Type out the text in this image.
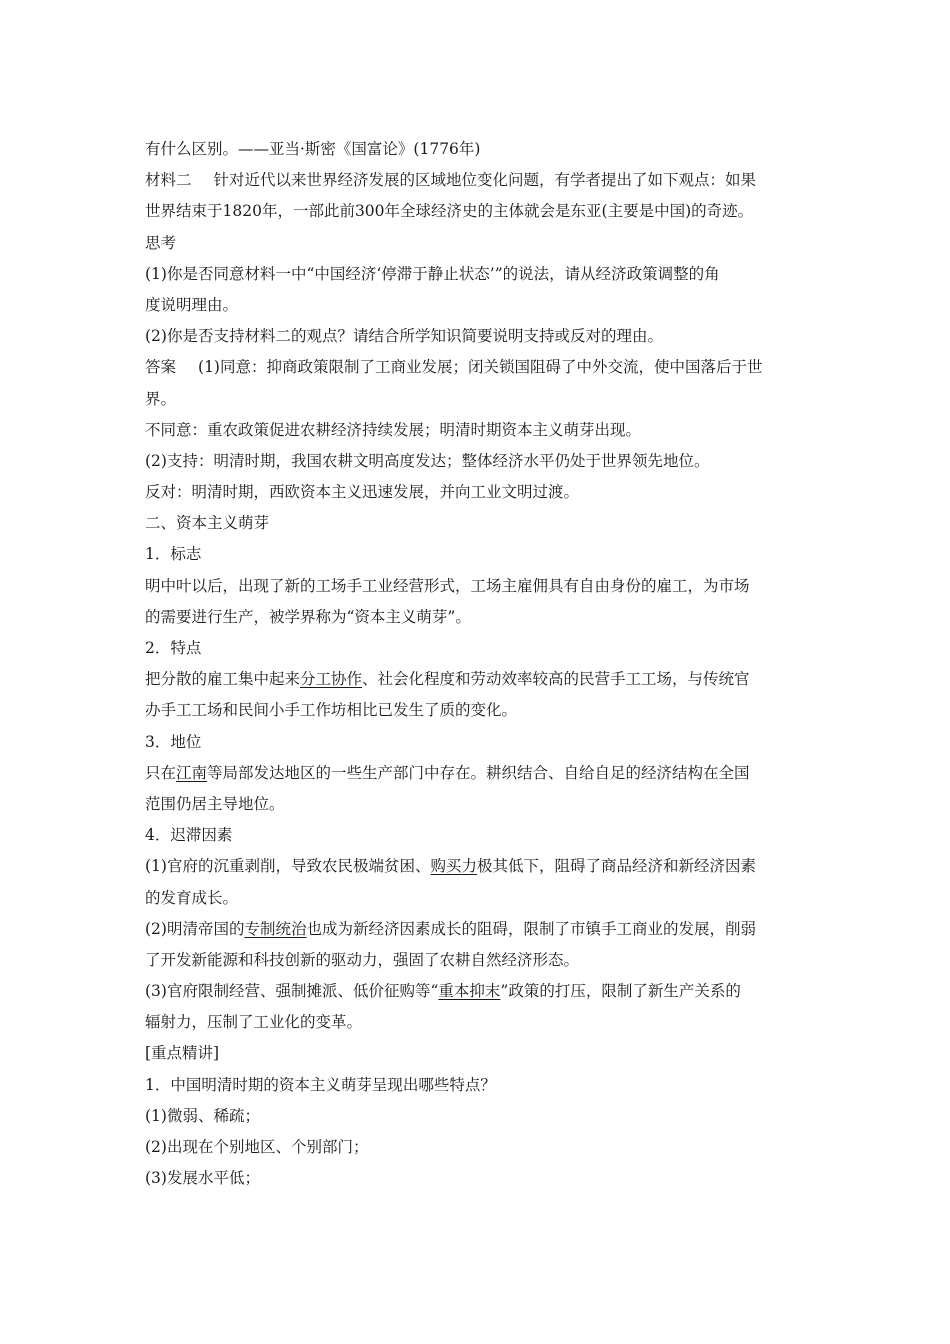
有什么区别。——亚当·斯密《国富论》(1776年)
材料二 针对近代以来世界经济发展的区域地位变化问题，有学者提出了如下观点：如果
世界结束于1820年，一部此前300年全球经济史的主体就会是东亚(主要是中国)的奇迹。
思考
(1)你是否同意材料一中“中国经济‘停滞于静止状态’”的说法，请从经济政策调整的角
度说明理由。
(2)你是否支持材料二的观点？请结合所学知识简要说明支持或反对的理由。
答案 (1)同意：抑商政策限制了工商业发展；闭关锁国阻碍了中外交流，使中国落后于世
界。
不同意：重农政策促进农耕经济持续发展；明清时期资本主义萌芽出现。
(2)支持：明清时期，我国农耕文明高度发达；整体经济水平仍处于世界领先地位。
反对：明清时期，西欧资本主义迅速发展，并向工业文明过渡。
二、资本主义萌芽
1．标志
明中叶以后，出现了新的工场手工业经营形式，工场主雇佣具有自由身份的雇工，为市场
的需要进行生产，被学界称为“资本主义萌芽”。
2．特点
把分散的雇工集中起来分工协作、社会化程度和劳动效率较高的民营手工工场，与传统官
办手工工场和民间小手工作坊相比已发生了质的变化。
3．地位
只在江南等局部发达地区的一些生产部门中存在。耕织结合、自给自足的经济结构在全国
范围仍居主导地位。
4．迟滞因素
(1)官府的沉重剥削，导致农民极端贫困、购买力极其低下，阻碍了商品经济和新经济因素
的发育成长。
(2)明清帝国的专制统治也成为新经济因素成长的阻碍，限制了市镇手工商业的发展，削弱
了开发新能源和科技创新的驱动力，强固了农耕自然经济形态。
(3)官府限制经营、强制摊派、低价征购等“重本抑末”政策的打压，限制了新生产关系的
辐射力，压制了工业化的变革。
[重点精讲]
1．中国明清时期的资本主义萌芽呈现出哪些特点？
(1)微弱、稀疏；
(2)出现在个别地区、个别部门；
(3)发展水平低；
